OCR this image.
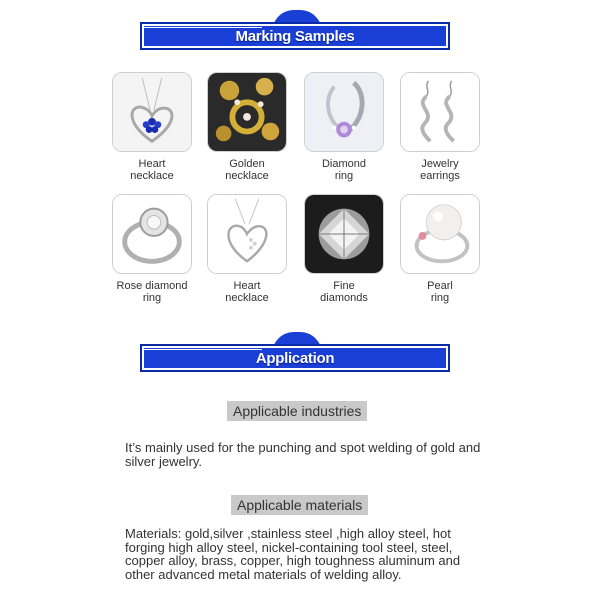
Marking Samples
Heart
necklace
Golden
necklace
Diamond
ring
Jewelry
earrings
Rose diamond
ring
Heart
necklace
Fine
diamonds
Pearl
ring
Application
Applicable industries
It’s mainly used for the punching and spot welding of gold and silver jewelry.
Applicable materials
Materials: gold,silver ,stainless steel ,high alloy steel, hot forging high alloy steel, nickel-containing tool steel, steel, copper alloy, brass, copper, high toughness aluminum and other advanced metal materials of welding alloy.
